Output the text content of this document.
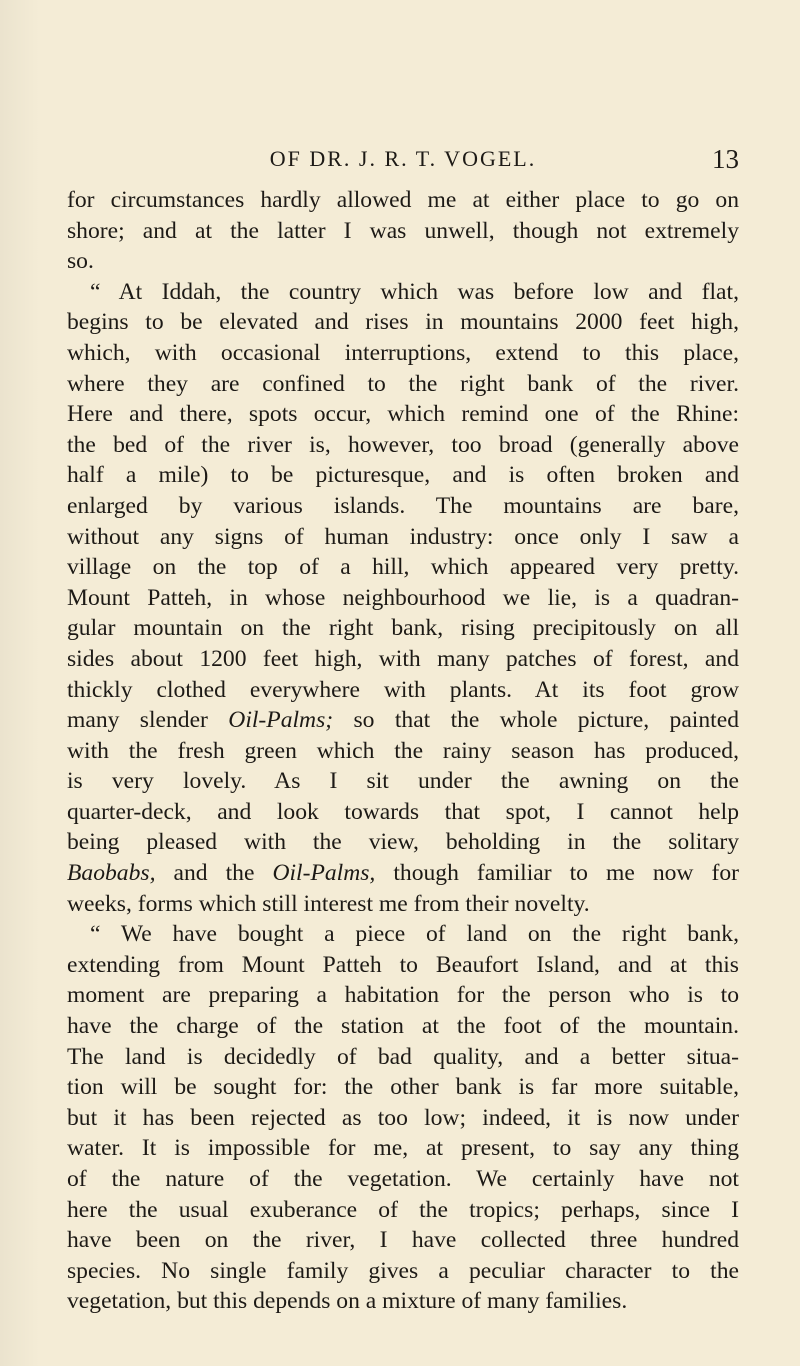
OF DR. J. R. T. VOGEL.	13
for circumstances hardly allowed me at either place to go on
shore; and at the latter I was unwell, though not extremely
so.
“ At Iddah, the country which was before low and flat,
begins to be elevated and rises in mountains 2000 feet high,
which, with occasional interruptions, extend to this place,
where they are confined to the right bank of the river.
Here and there, spots occur, which remind one of the Rhine:
the bed of the river is, however, too broad (generally above
half a mile) to be picturesque, and is often broken and
enlarged by various islands. The mountains are bare,
without any signs of human industry: once only I saw a
village on the top of a hill, which appeared very pretty.
Mount Patteh, in whose neighbourhood we lie, is a quadran-
gular mountain on the right bank, rising precipitously on all
sides about 1200 feet high, with many patches of forest, and
thickly clothed everywhere with plants. At its foot grow
many slender Oil-Palms; so that the whole picture, painted
with the fresh green which the rainy season has produced,
is very lovely. As I sit under the awning on the
quarter-deck, and look towards that spot, I cannot help
being pleased with the view, beholding in the solitary
Baobabs, and the Oil-Palms, though familiar to me now for
weeks, forms which still interest me from their novelty.
“ We have bought a piece of land on the right bank,
extending from Mount Patteh to Beaufort Island, and at this
moment are preparing a habitation for the person who is to
have the charge of the station at the foot of the mountain.
The land is decidedly of bad quality, and a better situa-
tion will be sought for: the other bank is far more suitable,
but it has been rejected as too low; indeed, it is now under
water. It is impossible for me, at present, to say any thing
of the nature of the vegetation. We certainly have not
here the usual exuberance of the tropics; perhaps, since I
have been on the river, I have collected three hundred
species. No single family gives a peculiar character to the
vegetation, but this depends on a mixture of many families.
